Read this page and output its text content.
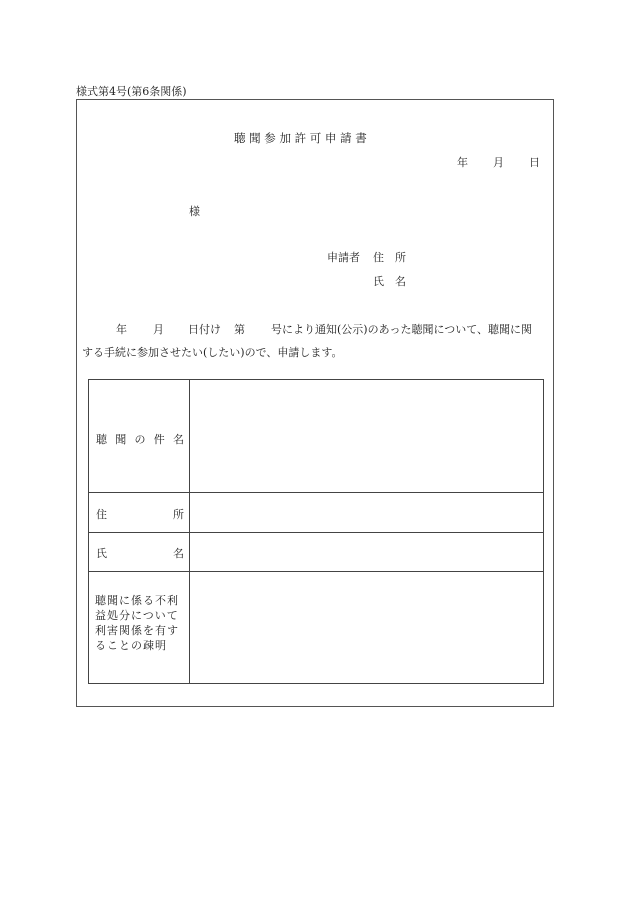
様式第4号(第6条関係)
聴 聞 参 加 許 可 申 請 書
年 月 日
様
申請者 住　所
氏　名
年 月 日付け 第 号により通知(公示)のあった聴聞について、聴聞に関
する手続に参加させたい(したい)ので、申請します。
聴 聞 の 件 名
住	所
氏	名
聴聞に係る不利益処分について利害関係を有することの疎明
